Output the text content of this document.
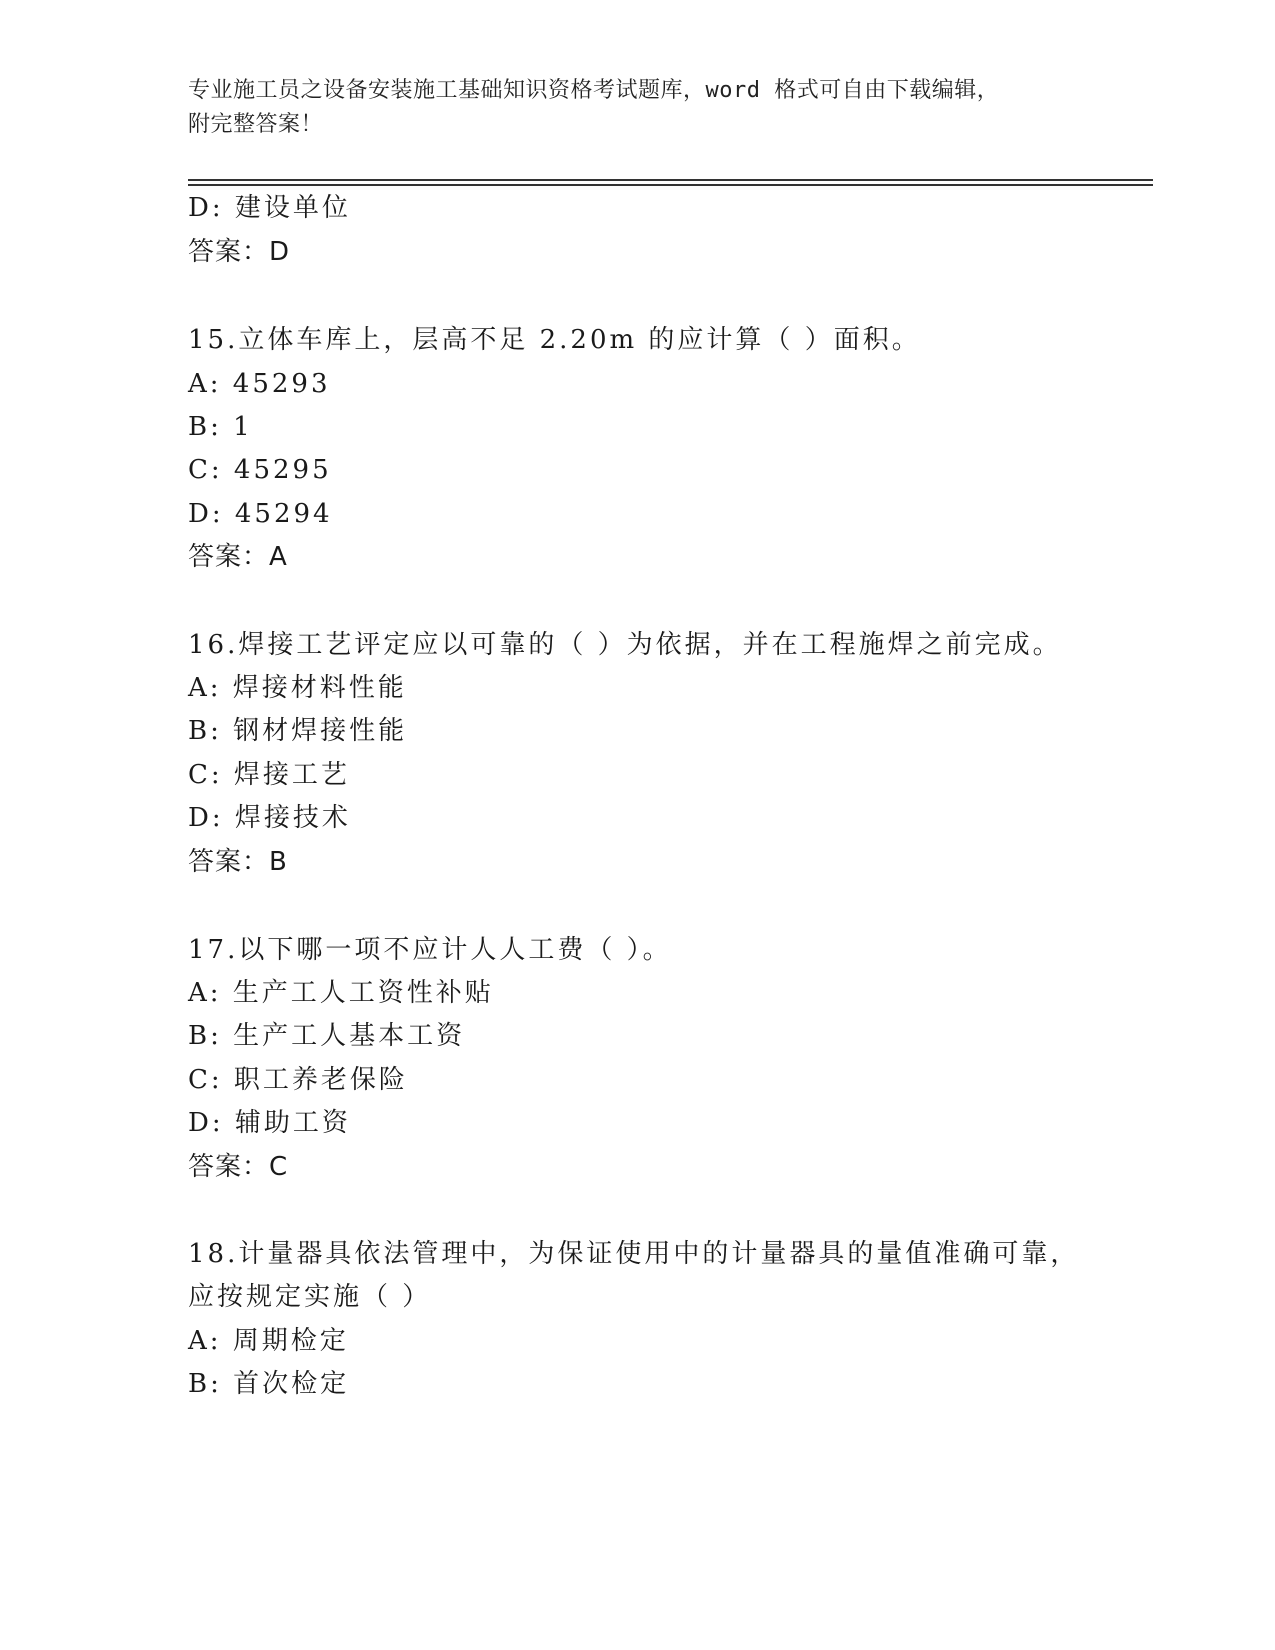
专业施工员之设备安装施工基础知识资格考试题库，word 格式可自由下载编辑，
附完整答案！
D: 建设单位
答案：D
15.立体车库上，层高不足 2.20m 的应计算（ ）面积。
A: 45293
B: 1
C: 45295
D: 45294
答案：A
16.焊接工艺评定应以可靠的（ ）为依据，并在工程施焊之前完成。
A: 焊接材料性能
B: 钢材焊接性能
C: 焊接工艺
D: 焊接技术
答案：B
17.以下哪一项不应计人人工费（ ）。
A: 生产工人工资性补贴
B: 生产工人基本工资
C: 职工养老保险
D: 辅助工资
答案：C
18.计量器具依法管理中，为保证使用中的计量器具的量值准确可靠，
应按规定实施（ ）
A: 周期检定
B: 首次检定
